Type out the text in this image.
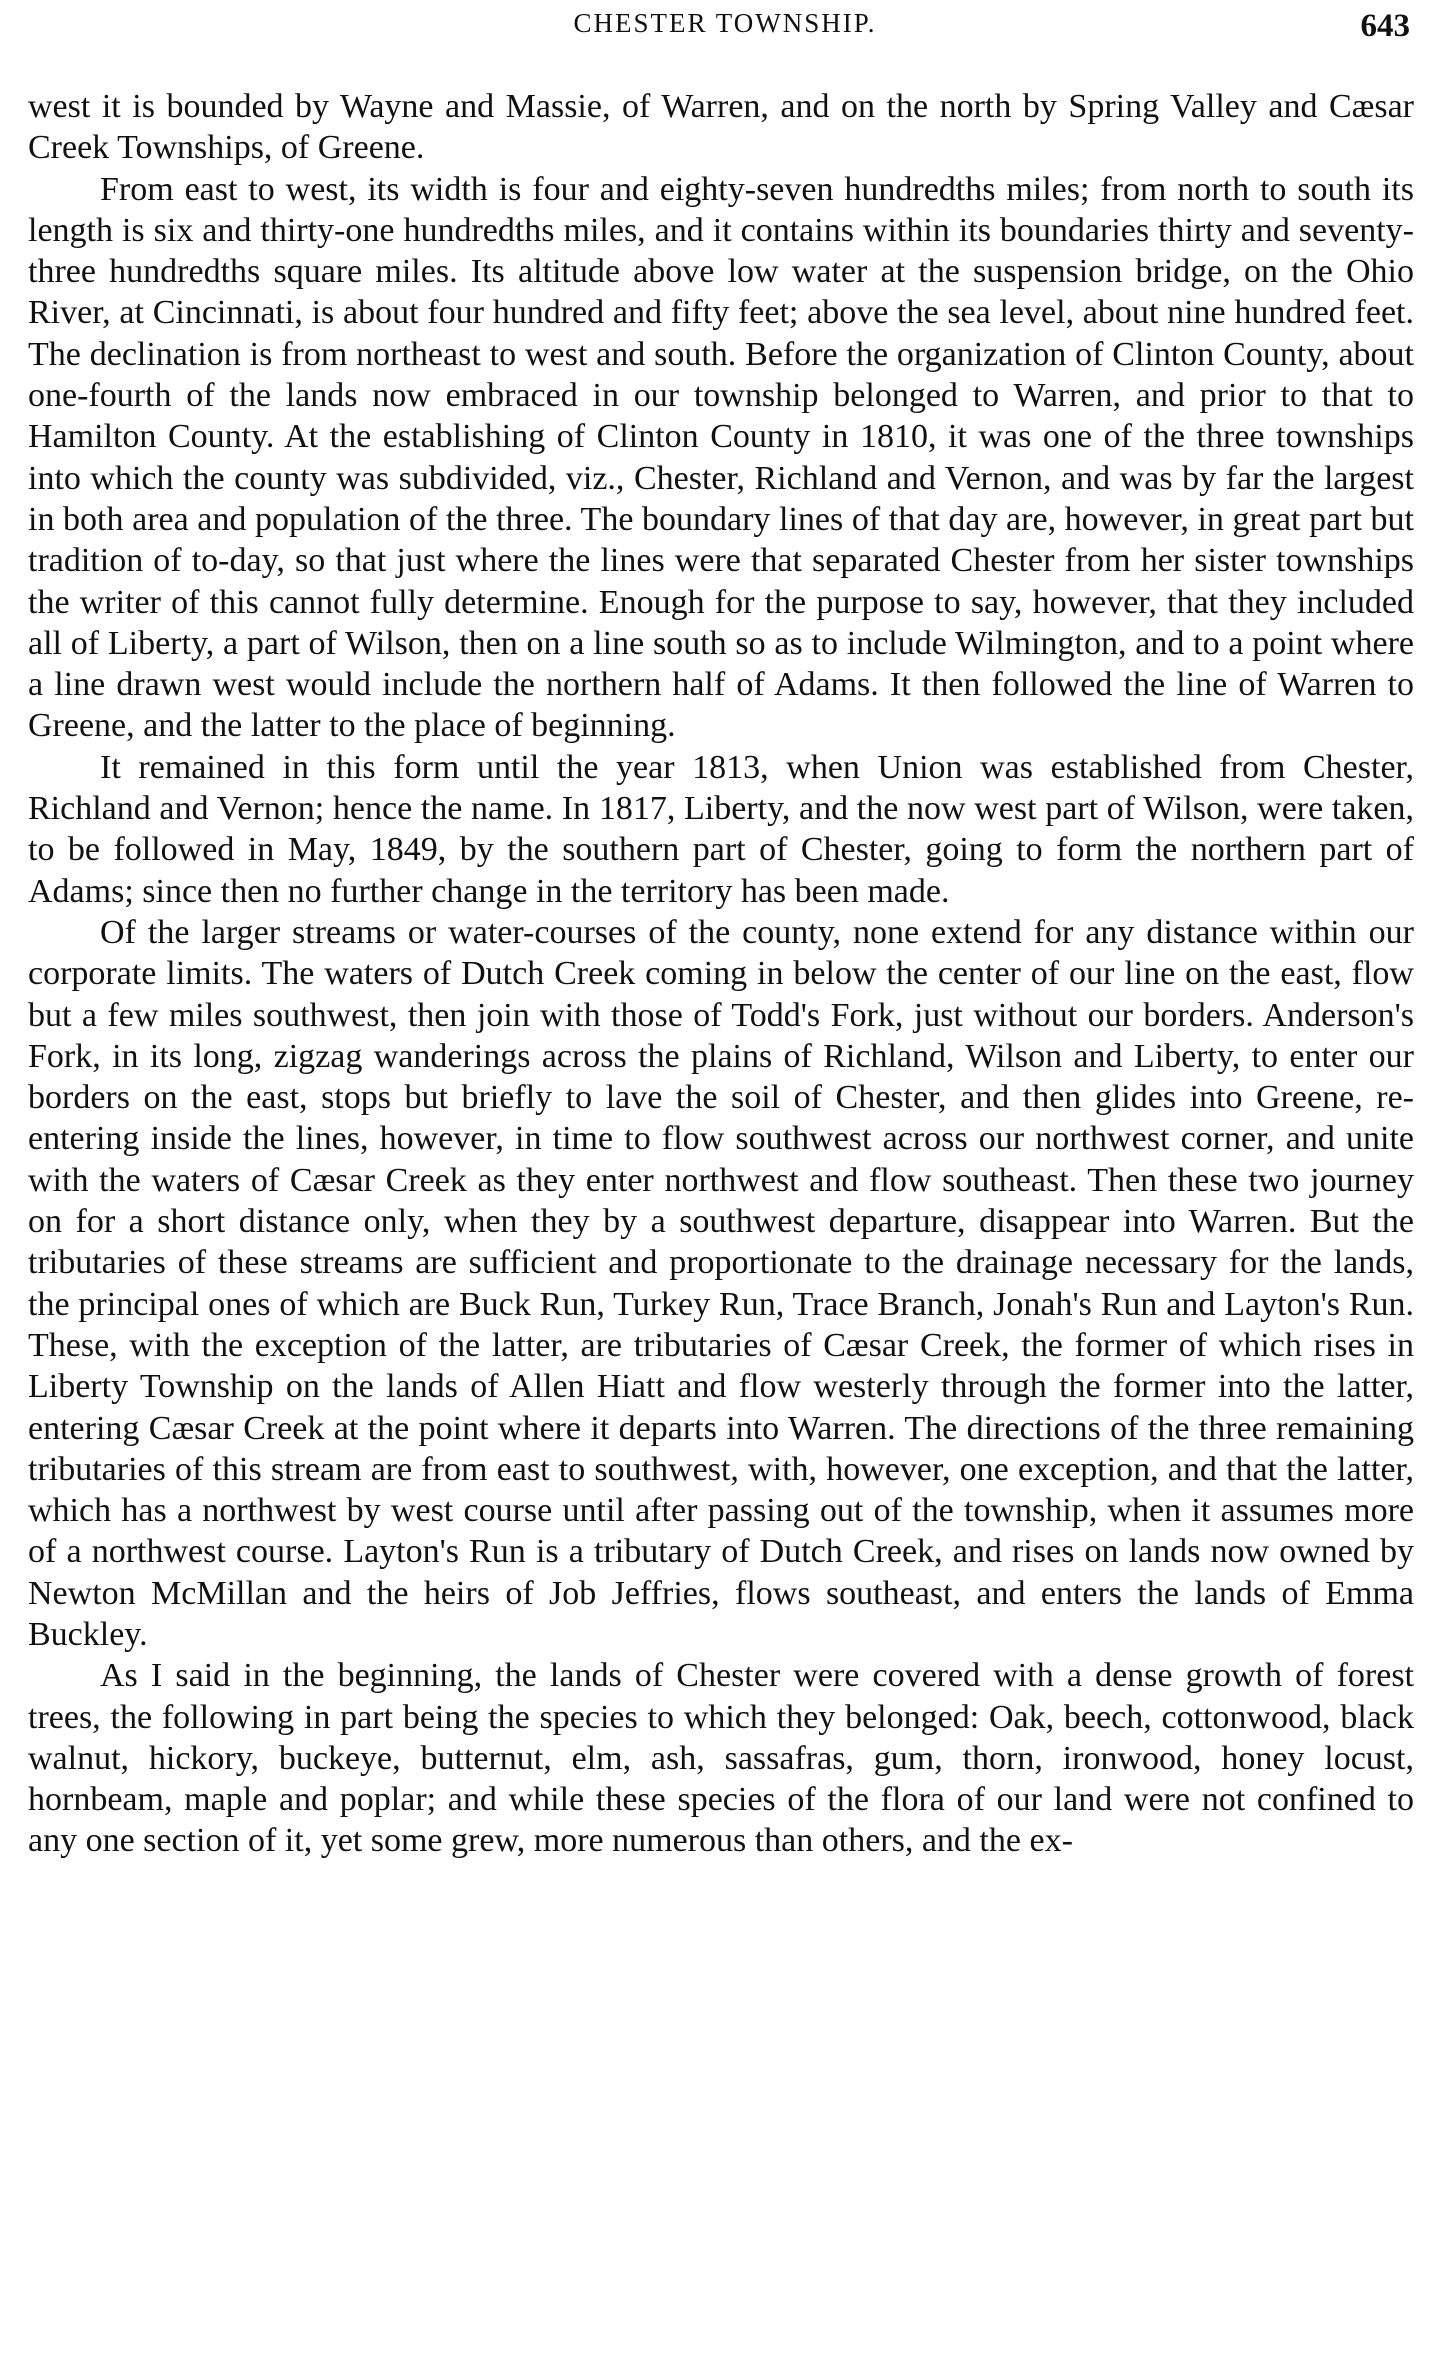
CHESTER TOWNSHIP.	643

west it is bounded by Wayne and Massie, of Warren, and on the north by Spring Valley and Cæsar Creek Townships, of Greene.

From east to west, its width is four and eighty-seven hundredths miles; from north to south its length is six and thirty-one hundredths miles, and it contains within its boundaries thirty and seventy-three hundredths square miles. Its altitude above low water at the suspension bridge, on the Ohio River, at Cincinnati, is about four hundred and fifty feet; above the sea level, about nine hundred feet. The declination is from northeast to west and south. Before the organization of Clinton County, about one-fourth of the lands now embraced in our township belonged to Warren, and prior to that to Hamilton County. At the establishing of Clinton County in 1810, it was one of the three townships into which the county was subdivided, viz., Chester, Richland and Vernon, and was by far the largest in both area and population of the three. The boundary lines of that day are, however, in great part but tradition of to-day, so that just where the lines were that separated Chester from her sister townships the writer of this cannot fully determine. Enough for the purpose to say, however, that they included all of Liberty, a part of Wilson, then on a line south so as to include Wilmington, and to a point where a line drawn west would include the northern half of Adams. It then followed the line of Warren to Greene, and the latter to the place of beginning.

It remained in this form until the year 1813, when Union was established from Chester, Richland and Vernon; hence the name. In 1817, Liberty, and the now west part of Wilson, were taken, to be followed in May, 1849, by the southern part of Chester, going to form the northern part of Adams; since then no further change in the territory has been made.

Of the larger streams or water-courses of the county, none extend for any distance within our corporate limits. The waters of Dutch Creek coming in below the center of our line on the east, flow but a few miles southwest, then join with those of Todd's Fork, just without our borders. Anderson's Fork, in its long, zigzag wanderings across the plains of Richland, Wilson and Liberty, to enter our borders on the east, stops but briefly to lave the soil of Chester, and then glides into Greene, re-entering inside the lines, however, in time to flow southwest across our northwest corner, and unite with the waters of Cæsar Creek as they enter northwest and flow southeast. Then these two journey on for a short distance only, when they by a southwest departure, disappear into Warren. But the tributaries of these streams are sufficient and proportionate to the drainage necessary for the lands, the principal ones of which are Buck Run, Turkey Run, Trace Branch, Jonah's Run and Layton's Run. These, with the exception of the latter, are tributaries of Cæsar Creek, the former of which rises in Liberty Township on the lands of Allen Hiatt and flow westerly through the former into the latter, entering Cæsar Creek at the point where it departs into Warren. The directions of the three remaining tributaries of this stream are from east to southwest, with, however, one exception, and that the latter, which has a northwest by west course until after passing out of the township, when it assumes more of a northwest course. Layton's Run is a tributary of Dutch Creek, and rises on lands now owned by Newton McMillan and the heirs of Job Jeffries, flows southeast, and enters the lands of Emma Buckley.

As I said in the beginning, the lands of Chester were covered with a dense growth of forest trees, the following in part being the species to which they belonged: Oak, beech, cottonwood, black walnut, hickory, buckeye, butternut, elm, ash, sassafras, gum, thorn, ironwood, honey locust, hornbeam, maple and poplar; and while these species of the flora of our land were not confined to any one section of it, yet some grew, more numerous than others, and the ex-
